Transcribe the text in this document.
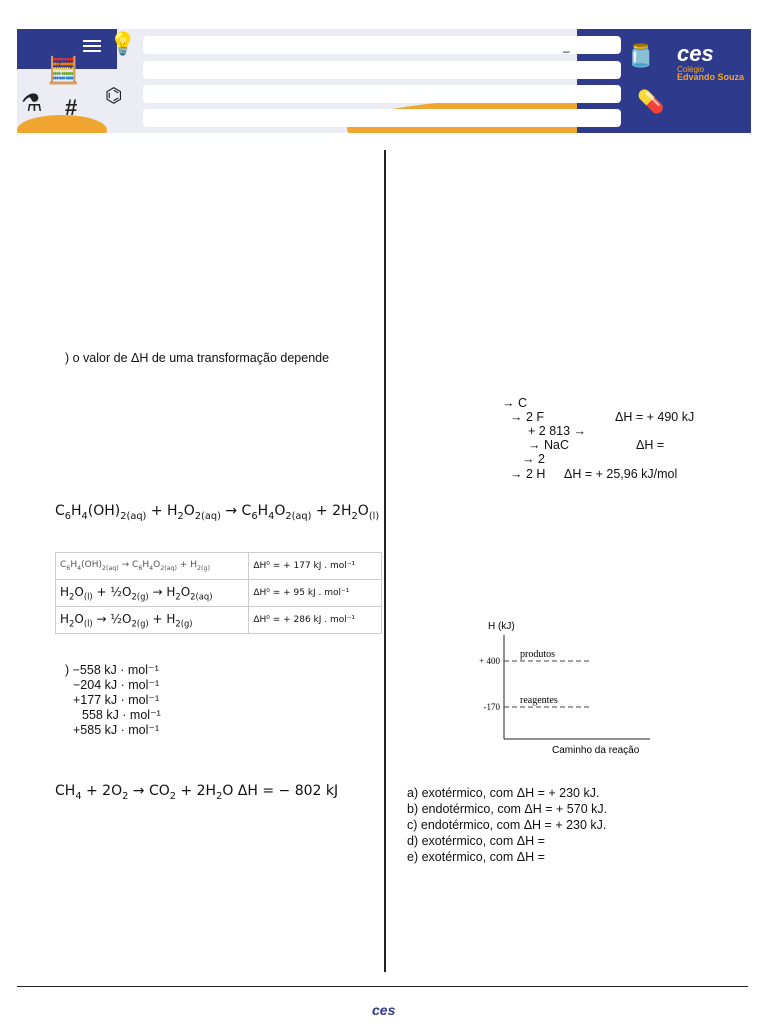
💡
🧮
⚗ # ⌬
–	🫙
💊
ces
Colégio
Edvando Souza
) o valor de ΔH de uma transformação depende
$C_6H_4(OH)_{2(aq)} + H_2O_{2(aq)} \to C_6H_4O_{2(aq)} + 2H_2O_{(l)}$
$C_6H_4(OH)_{2(aq)} \to C_6H_4O_{2(aq)} + H_{2(g)}$	ΔH⁰ = + 177 kJ . mol⁻¹
$H_2O_{(l)}$ + $\frac{1}{2}O_{2(g)} \to H_2O_{2(aq)}$	ΔH⁰ = + 95 kJ . mol⁻¹
$H_2O_{(l)}$ → $\frac{1}{2}O_{2(g)} + H_{2(g)}$	ΔH⁰ = + 286 kJ . mol⁻¹
) −558 kJ · mol⁻¹
−204 kJ · mol⁻¹
+177 kJ · mol⁻¹
558 kJ · mol⁻¹
+585 kJ · mol⁻¹
$CH_4 + 2O_2 \to CO_2 + 2H_2O$ ΔH = − 802 kJ
→ C
→ 2 F	ΔH = + 490 kJ
+ 2 813 →
→ NaC	ΔH =
→ 2
→ 2 H ΔH = + 25,96 kJ/mol
H (kJ)
produtos
+ 400
reagentes
-170
Caminho da reação
a) exotérmico, com ΔH = + 230 kJ.
b) endotérmico, com ΔH = + 570 kJ.
c) endotérmico, com ΔH = + 230 kJ.
d) exotérmico, com ΔH =
e) exotérmico, com ΔH =
ces
